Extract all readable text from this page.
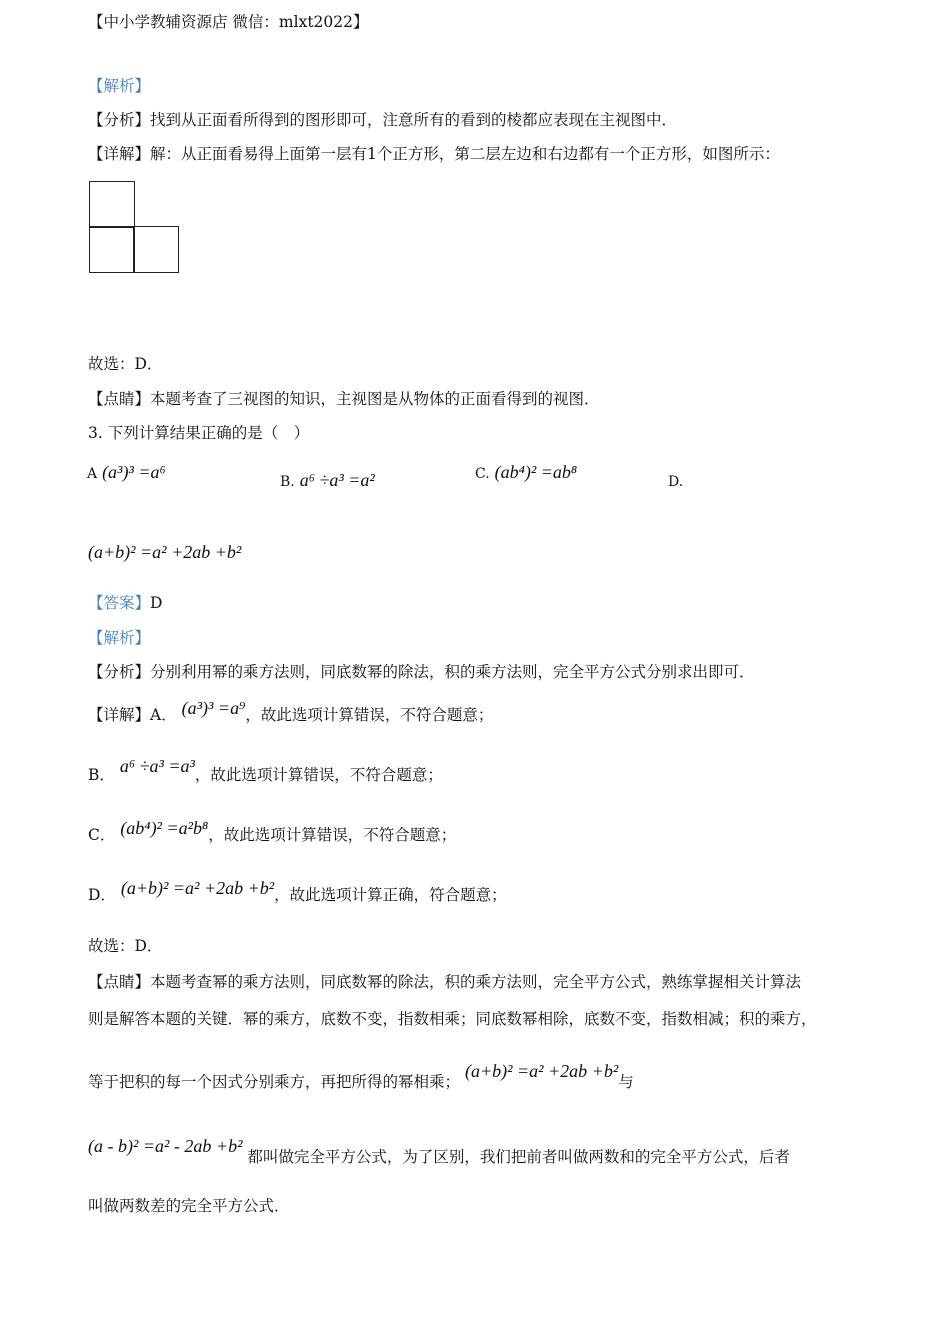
【中小学教辅资源店 微信：mlxt2022】
【解析】
【分析】找到从正面看所得到的图形即可，注意所有的看到的棱都应表现在主视图中．
【详解】解：从正面看易得上面第一层有1个正方形，第二层左边和右边都有一个正方形，如图所示：
故选：D．
【点睛】本题考查了三视图的知识，主视图是从物体的正面看得到的视图．
3. 下列计算结果正确的是（　）
A (a³)³ =a⁶	B. a⁶ ÷a³ =a²	C. (ab⁴)² =ab⁸	D.
(a+b)² =a² +2ab +b²
【答案】D
【解析】
【分析】分别利用幂的乘方法则，同底数幂的除法，积的乘方法则，完全平方公式分别求出即可．
【详解】A． (a³)³ =a⁹，故此选项计算错误，不符合题意；
B． a⁶ ÷a³ =a³，故此选项计算错误，不符合题意；
C． (ab⁴)² =a²b⁸，故此选项计算错误，不符合题意；
D． (a+b)² =a² +2ab +b²，故此选项计算正确，符合题意；
故选：D．
【点睛】本题考查幂的乘方法则，同底数幂的除法，积的乘方法则，完全平方公式，熟练掌握相关计算法
则是解答本题的关键．幂的乘方，底数不变，指数相乘；同底数幂相除，底数不变，指数相减；积的乘方，
等于把积的每一个因式分别乘方，再把所得的幂相乘； (a+b)² =a² +2ab +b²与
(a - b)² =a² - 2ab +b² 都叫做完全平方公式，为了区别，我们把前者叫做两数和的完全平方公式，后者
叫做两数差的完全平方公式．
